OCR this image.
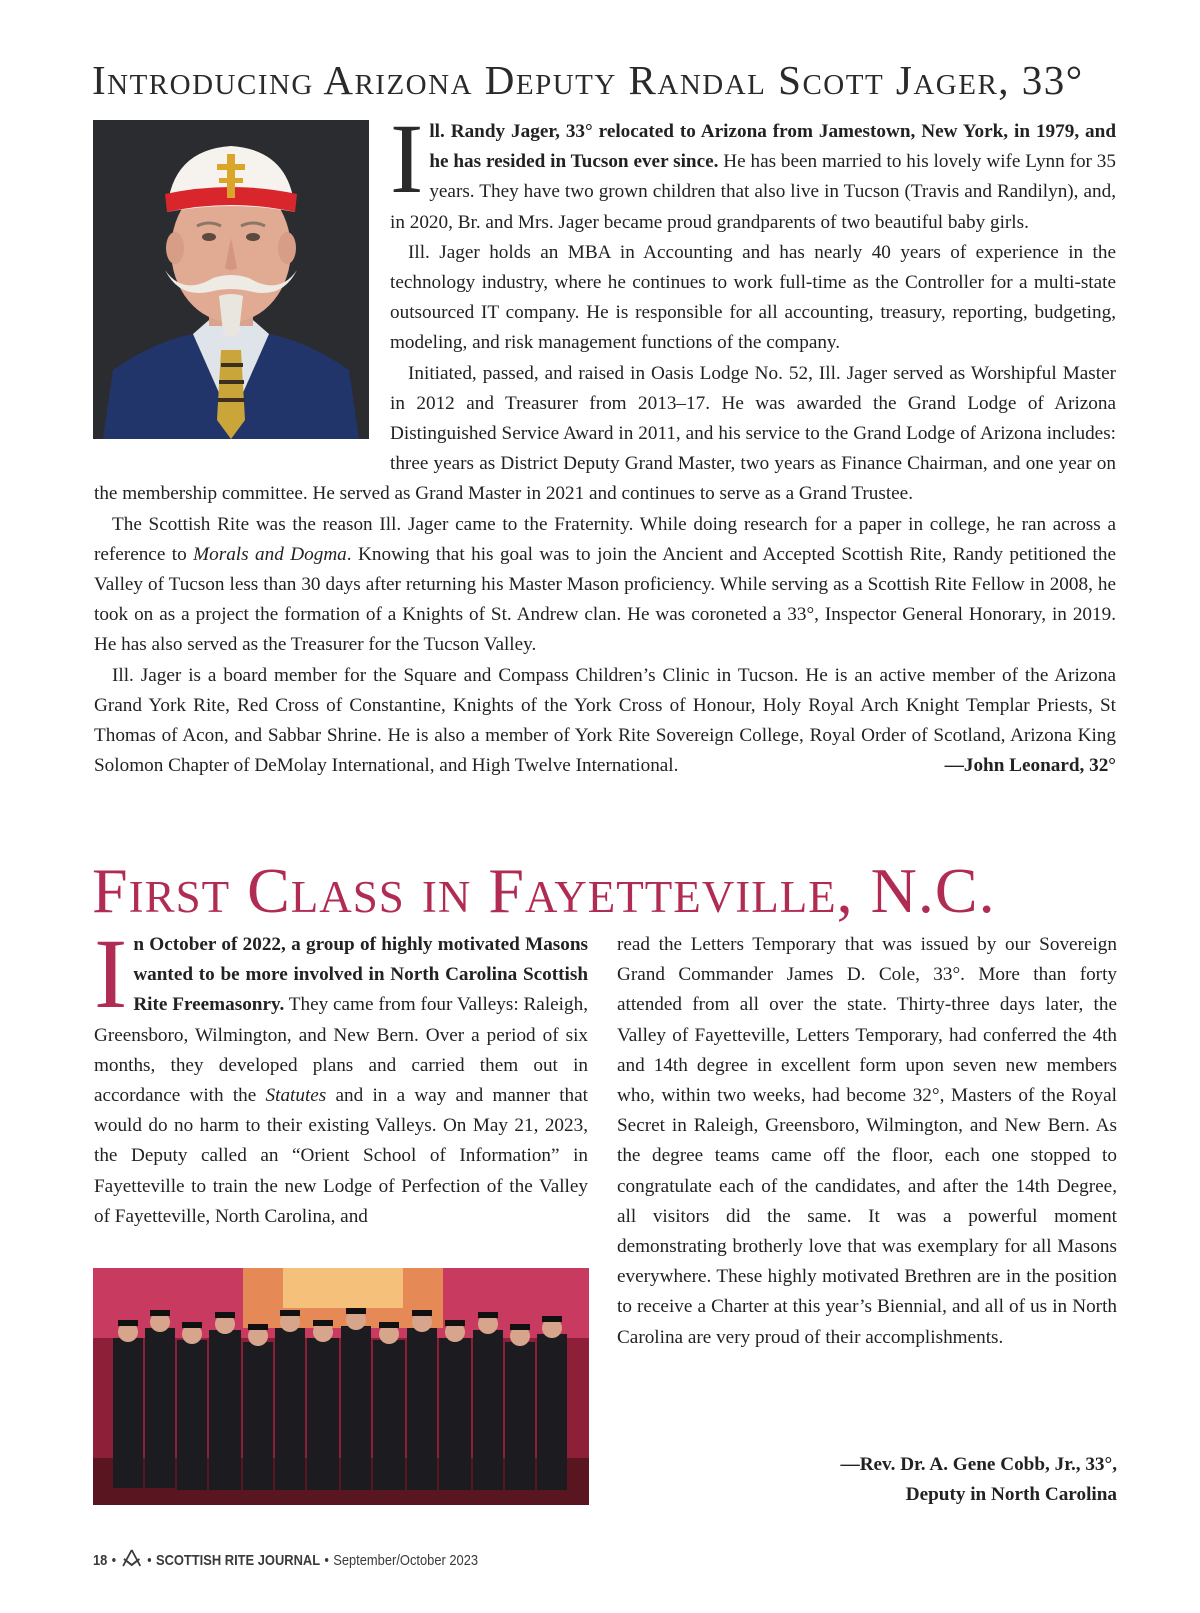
Introducing Arizona Deputy Randal Scott Jager, 33°

Ill. Randy Jager, 33° relocated to Arizona from Jamestown, New York, in 1979, and he has resided in Tucson ever since. He has been married to his lovely wife Lynn for 35 years. They have two grown children that also live in Tucson (Travis and Randilyn), and, in 2020, Br. and Mrs. Jager became proud grandparents of two beautiful baby girls.

Ill. Jager holds an MBA in Accounting and has nearly 40 years of experience in the technology industry, where he continues to work full-time as the Controller for a multi-state outsourced IT company. He is responsible for all accounting, treasury, reporting, budgeting, modeling, and risk management functions of the company.

Initiated, passed, and raised in Oasis Lodge No. 52, Ill. Jager served as Worshipful Master in 2012 and Treasurer from 2013–17. He was awarded the Grand Lodge of Arizona Distinguished Service Award in 2011, and his service to the Grand Lodge of Arizona includes: three years as District Deputy Grand Master, two years as Finance Chairman, and one year on the membership committee. He served as Grand Master in 2021 and continues to serve as a Grand Trustee.

The Scottish Rite was the reason Ill. Jager came to the Fraternity. While doing research for a paper in college, he ran across a reference to Morals and Dogma. Knowing that his goal was to join the Ancient and Accepted Scottish Rite, Randy petitioned the Valley of Tucson less than 30 days after returning his Master Mason proficiency. While serving as a Scottish Rite Fellow in 2008, he took on as a project the formation of a Knights of St. Andrew clan. He was coroneted a 33°, Inspector General Honorary, in 2019. He has also served as the Treasurer for the Tucson Valley.

Ill. Jager is a board member for the Square and Compass Children’s Clinic in Tucson. He is an active member of the Arizona Grand York Rite, Red Cross of Constantine, Knights of the York Cross of Honour, Holy Royal Arch Knight Templar Priests, St Thomas of Acon, and Sabbar Shrine. He is also a member of York Rite Sovereign College, Royal Order of Scotland, Arizona King Solomon Chapter of DeMolay International, and High Twelve International.	—John Leonard, 32°

First Class in Fayetteville, N.C.

In October of 2022, a group of highly motivated Masons wanted to be more involved in North Carolina Scottish Rite Freemasonry. They came from four Valleys: Raleigh, Greensboro, Wilmington, and New Bern. Over a period of six months, they developed plans and carried them out in accordance with the Statutes and in a way and manner that would do no harm to their existing Valleys. On May 21, 2023, the Deputy called an “Orient School of Information” in Fayetteville to train the new Lodge of Perfection of the Valley of Fayetteville, North Carolina, and

read the Letters Temporary that was issued by our Sovereign Grand Commander James D. Cole, 33°. More than forty attended from all over the state. Thirty-three days later, the Valley of Fayetteville, Letters Temporary, had conferred the 4th and 14th degree in excellent form upon seven new members who, within two weeks, had become 32°, Masters of the Royal Secret in Raleigh, Greensboro, Wilmington, and New Bern. As the degree teams came off the floor, each one stopped to congratulate each of the candidates, and after the 14th Degree, all visitors did the same. It was a powerful moment demonstrating brotherly love that was exemplary for all Masons everywhere. These highly motivated Brethren are in the position to receive a Charter at this year’s Biennial, and all of us in North Carolina are very proud of their accomplishments.

—Rev. Dr. A. Gene Cobb, Jr., 33°,
Deputy in North Carolina
18 • • SCOTTISH RITE JOURNAL • September/October 2023
